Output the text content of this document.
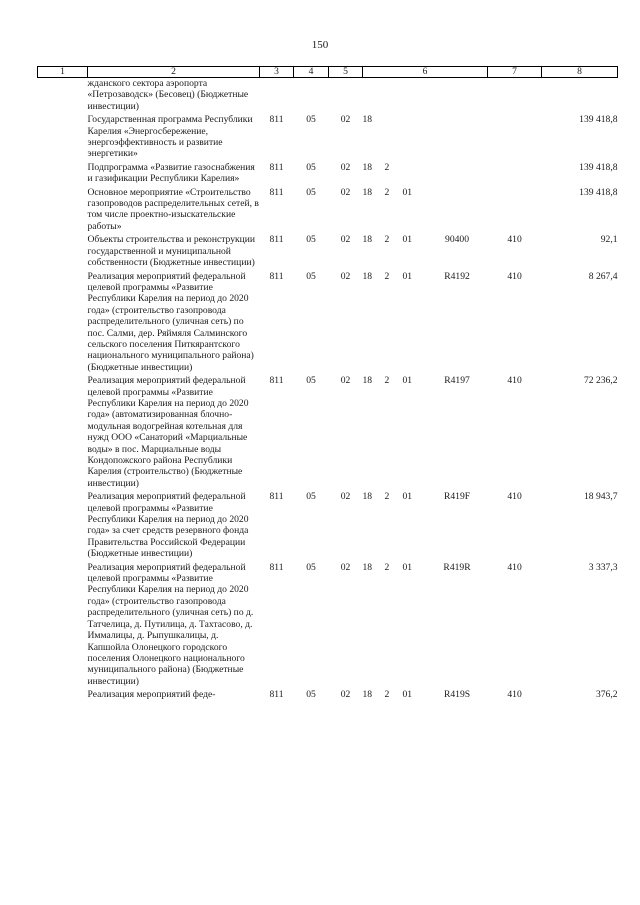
150
1	2	3	4	5	6				7	8
	жданского сектора аэропорта «Петрозаводск» (Бесовец) (Бюджетные инвестиции)									
	Государственная программа Республики Карелия «Энергосбережение, энергоэффективность и развитие энергетики»	811	05	02	18					139 418,8
	Подпрограмма «Развитие газоснабжения и газификации Республики Карелия»	811	05	02	18	2				139 418,8
	Основное мероприятие «Строительство газопроводов распределительных сетей, в том числе проектно-изыскательские работы»	811	05	02	18	2	01			139 418,8
	Объекты строительства и реконструкции государственной и муниципальной собственности (Бюджетные инвестиции)	811	05	02	18	2	01	90400	410	92,1
	Реализация мероприятий федеральной целевой программы «Развитие Республики Карелия на период до 2020 года» (строительство газопровода распределительного (уличная сеть) по пос. Салми, дер. Ряймяля Салминского сельского поселения Питкярантского национального муниципального района) (Бюджетные инвестиции)	811	05	02	18	2	01	R4192	410	8 267,4
	Реализация мероприятий федеральной целевой программы «Развитие Республики Карелия на период до 2020 года» (автоматизированная блочно-модульная водогрейная котельная для нужд ООО «Санаторий «Марциальные воды» в пос. Марциальные воды Кондопожского района Республики Карелия (строительство) (Бюджетные инвестиции)	811	05	02	18	2	01	R4197	410	72 236,2
	Реализация мероприятий федеральной целевой программы «Развитие Республики Карелия на период до 2020 года» за счет средств резервного фонда Правительства Российской Федерации (Бюджетные инвестиции)	811	05	02	18	2	01	R419F	410	18 943,7
	Реализация мероприятий федеральной целевой программы «Развитие Республики Карелия на период до 2020 года» (строительство газопровода распределительного (уличная сеть) по д. Татчелица, д. Путилица, д. Тахтасово, д. Иммалицы, д. Рыпушкалицы, д. Капшойла Олонецкого городского поселения Олонецкого национального муниципального района) (Бюджетные инвестиции)	811	05	02	18	2	01	R419R	410	3 337,3
	Реализация мероприятий феде-	811	05	02	18	2	01	R419S	410	376,2
